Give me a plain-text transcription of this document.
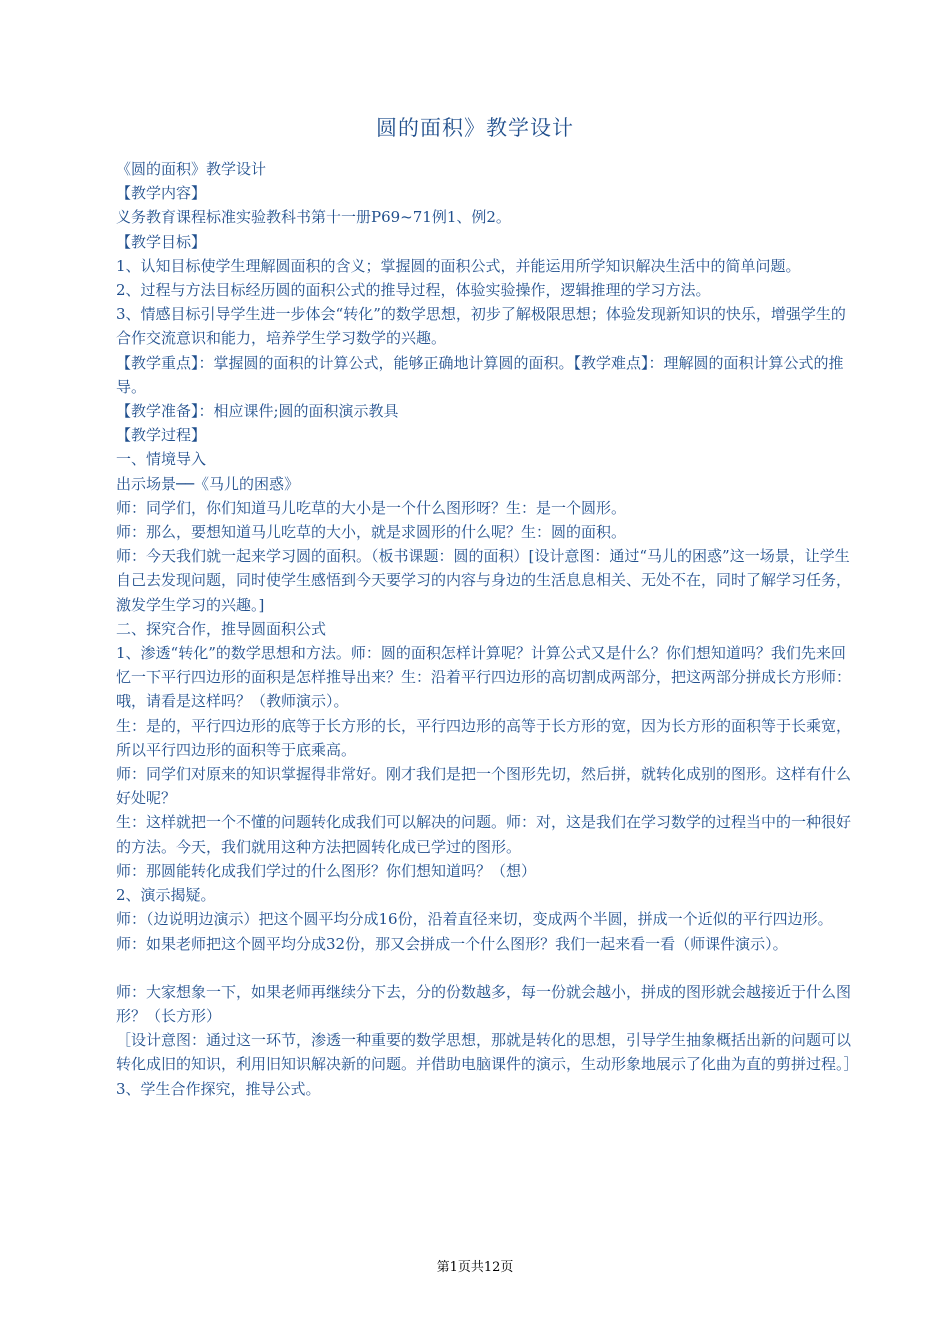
圆的面积》教学设计

《圆的面积》教学设计

【教学内容】

义务教育课程标准实验教科书第十一册P69~71例1、例2。

【教学目标】

1、认知目标使学生理解圆面积的含义；掌握圆的面积公式，并能运用所学知识解决生活中的简单问题。

2、过程与方法目标经历圆的面积公式的推导过程，体验实验操作，逻辑推理的学习方法。

3、情感目标引导学生进一步体会“转化”的数学思想，初步了解极限思想；体验发现新知识的快乐，增强学生的合作交流意识和能力，培养学生学习数学的兴趣。

【教学重点】：掌握圆的面积的计算公式，能够正确地计算圆的面积。【教学难点】：理解圆的面积计算公式的推导。

【教学准备】：相应课件;圆的面积演示教具

【教学过程】

一、情境导入

出示场景──《马儿的困惑》

师：同学们，你们知道马儿吃草的大小是一个什么图形呀？生：是一个圆形。

师：那么，要想知道马儿吃草的大小，就是求圆形的什么呢？生：圆的面积。

师：今天我们就一起来学习圆的面积。（板书课题：圆的面积）[设计意图：通过“马儿的困惑”这一场景，让学生自己去发现问题，同时使学生感悟到今天要学习的内容与身边的生活息息相关、无处不在，同时了解学习任务，激发学生学习的兴趣。]

二、探究合作，推导圆面积公式

1、渗透“转化”的数学思想和方法。师：圆的面积怎样计算呢？计算公式又是什么？你们想知道吗？我们先来回忆一下平行四边形的面积是怎样推导出来？生：沿着平行四边形的高切割成两部分，把这两部分拼成长方形师：哦，请看是这样吗？（教师演示）。

生：是的，平行四边形的底等于长方形的长，平行四边形的高等于长方形的宽，因为长方形的面积等于长乘宽，所以平行四边形的面积等于底乘高。

师：同学们对原来的知识掌握得非常好。刚才我们是把一个图形先切，然后拼，就转化成别的图形。这样有什么好处呢？

生：这样就把一个不懂的问题转化成我们可以解决的问题。师：对，这是我们在学习数学的过程当中的一种很好的方法。今天，我们就用这种方法把圆转化成已学过的图形。

师：那圆能转化成我们学过的什么图形？你们想知道吗？（想）

2、演示揭疑。

师：（边说明边演示）把这个圆平均分成16份，沿着直径来切，变成两个半圆，拼成一个近似的平行四边形。

师：如果老师把这个圆平均分成32份，那又会拼成一个什么图形？我们一起来看一看（师课件演示）。

师：大家想象一下，如果老师再继续分下去，分的份数越多，每一份就会越小，拼成的图形就会越接近于什么图形？（长方形）

［设计意图：通过这一环节，渗透一种重要的数学思想，那就是转化的思想，引导学生抽象概括出新的问题可以转化成旧的知识，利用旧知识解决新的问题。并借助电脑课件的演示，生动形象地展示了化曲为直的剪拼过程。］

3、学生合作探究，推导公式。

第1页共12页
